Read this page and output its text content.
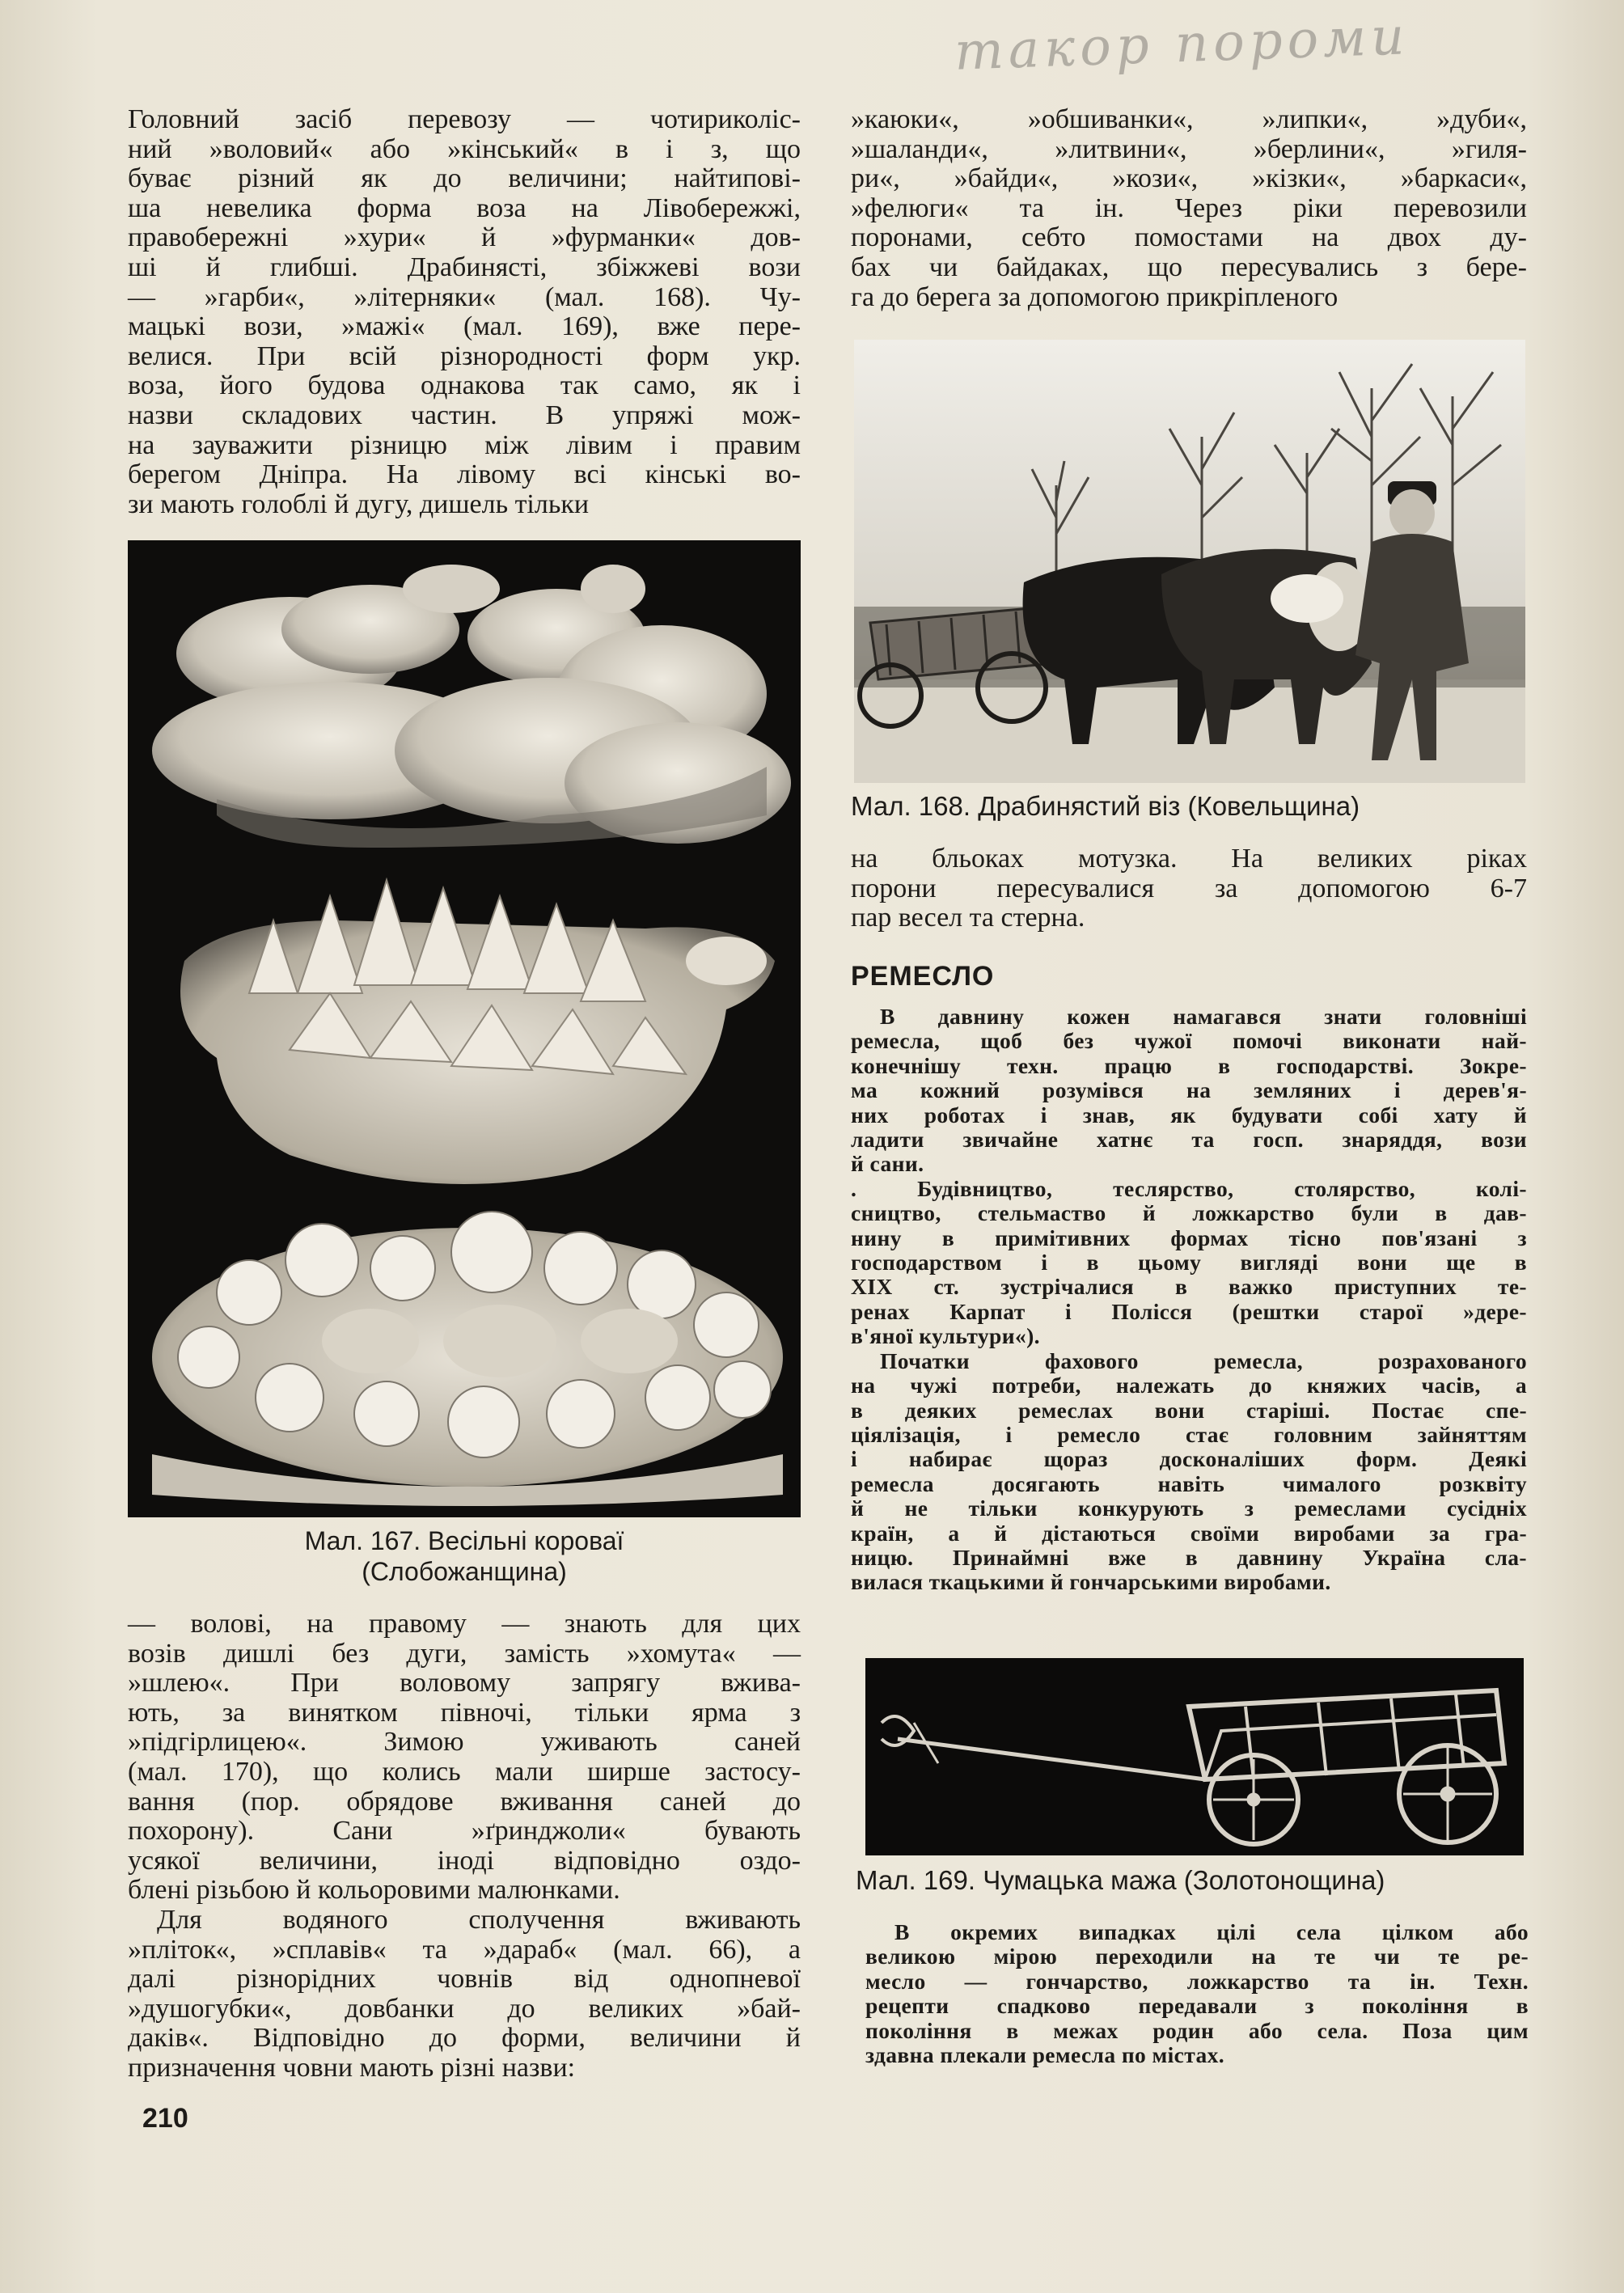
такор пороми

Головний засіб перевозу — чотириколіс-

ний »воловий« або »кінський« в і з, що

буває різний як до величини; найтипові-

ша невелика форма воза на Лівобережжі,

правобережні »хури« й »фурманки« дов-

ші й глибші. Драбинясті, збіжжеві вози

— »гарби«, »літерняки« (мал. 168). Чу-

мацькі вози, »мажі« (мал. 169), вже пере-

велися. При всій різнородності форм укр.

воза, його будова однакова так само, як і

назви складових частин. В упряжі мож-

на зауважити різницю між лівим і правим

берегом Дніпра. На лівому всі кінські во-

зи мають голоблі й дугу, дишель тільки

Мал. 167. Весільні короваї
(Слобожанщина)

— волові, на правому — знають для цих

возів дишлі без дуги, замість »хомута« —

»шлею«. При воловому запрягу вжива-

ють, за винятком півночі, тільки ярма з

»підгірлицею«. Зимою уживають саней

(мал. 170), що колись мали ширше застосу-

вання (пор. обрядове вживання саней до

похорону). Сани »ґринджоли« бувають

усякої величини, іноді відповідно оздо-

блені різьбою й кольоровими малюнками.

Для водяного сполучення вживають

»пліток«, »сплавів« та »дараб« (мал. 66), а

далі різнорідних човнів від однопневої

»душогубки«, довбанки до великих »бай-

даків«. Відповідно до форми, величини й

призначення човни мають різні назви:

210

»каюки«, »обшиванки«, »липки«, »дуби«,

»шаланди«, »литвини«, »берлини«, »гиля-

ри«, »байди«, »кози«, »кізки«, »баркаси«,

»фелюги« та ін. Через ріки перевозили

поронами, себто помостами на двох ду-

бах чи байдаках, що пересувались з бере-

га до берега за допомогою прикріпленого

Мал. 168. Драбинястий віз (Ковельщина)

на бльоках мотузка. На великих ріках

порони пересувалися за допомогою 6-7

пар весел та стерна.

РЕМЕСЛО

В давнину кожен намагався знати головніші

ремесла, щоб без чужої помочі виконати най-

конечнішу техн. працю в господарстві. Зокре-

ма кожний розумівся на земляних і дерев'я-

них роботах і знав, як будувати собі хату й

ладити звичайне хатнє та госп. знаряддя, вози

й сани.

. Будівництво, теслярство, столярство, колі-

сництво, стельмаство й ложкарство були в дав-

нину в примітивних формах тісно пов'язані з

господарством і в цьому вигляді вони ще в

XIX ст. зустрічалися в важко приступних те-

ренах Карпат і Полісся (рештки старої »дере-

в'яної культури«).

Початки фахового ремесла, розрахованого

на чужі потреби, належать до княжих часів, а

в деяких ремеслах вони старіші. Постає спе-

ціялізація, і ремесло стає головним зайняттям

і набирає щораз досконаліших форм. Деякі

ремесла досягають навіть чималого розквіту

й не тільки конкурують з ремеслами сусідніх

країн, а й дістаються своїми виробами за гра-

ницю. Принаймні вже в давнину Україна сла-

вилася ткацькими й гончарськими виробами.

Мал. 169. Чумацька мажа (Золотонощина)

В окремих випадках цілі села цілком або

великою мірою переходили на те чи те ре-

месло — гончарство, ложкарство та ін. Техн.

рецепти спадково передавали з покоління в

покоління в межах родин або села. Поза цим

здавна плекали ремесла по містах.
